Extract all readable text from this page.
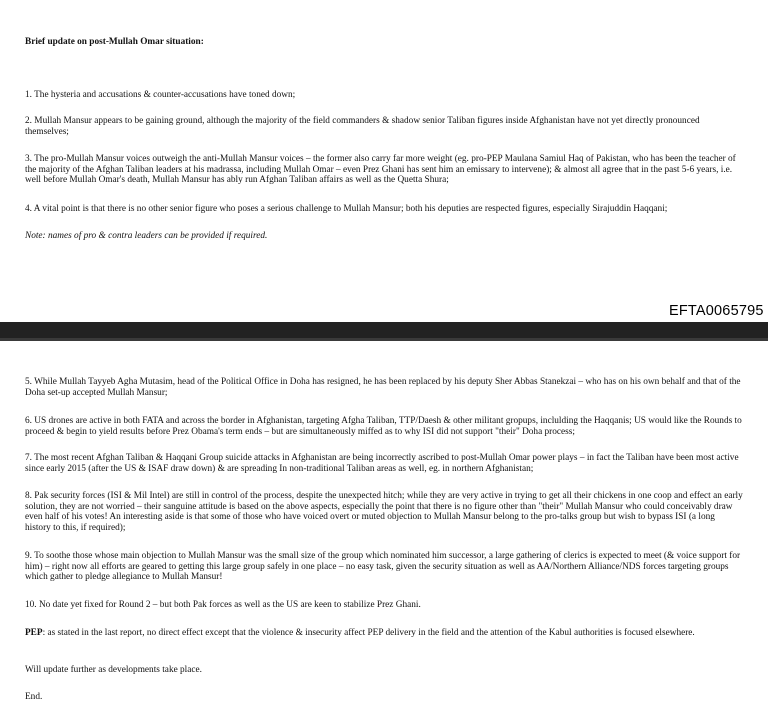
Brief update on post-Mullah Omar situation:

1. The hysteria and accusations & counter-accusations have toned down;

2. Mullah Mansur appears to be gaining ground, although the majority of the field commanders & shadow senior Taliban figures inside Afghanistan have not yet directly pronounced themselves;

3. The pro-Mullah Mansur voices outweigh the anti-Mullah Mansur voices – the former also carry far more weight (eg. pro-PEP Maulana Samiul Haq of Pakistan, who has been the teacher of the majority of the Afghan Taliban leaders at his madrassa, including Mullah Omar – even Prez Ghani has sent him an emissary to intervene); & almost all agree that in the past 5-6 years, i.e. well before Mullah Omar's death, Mullah Mansur has ably run Afghan Taliban affairs as well as the Quetta Shura;

4. A vital point is that there is no other senior figure who poses a serious challenge to Mullah Mansur; both his deputies are respected figures, especially Sirajuddin Haqqani;

Note: names of pro & contra leaders can be provided if required.

EFTA0065795

5. While Mullah Tayyeb Agha Mutasim, head of the Political Office in Doha has resigned, he has been replaced by his deputy Sher Abbas Stanekzai – who has on his own behalf and that of the Doha set-up accepted Mullah Mansur;

6. US drones are active in both FATA and across the border in Afghanistan, targeting Afgha Taliban, TTP/Daesh & other militant gropups, inclulding the Haqqanis; US would like the Rounds to proceed & begin to yield results before Prez Obama's term ends – but are simultaneously miffed as to why ISI did not support "their" Doha process;

7. The most recent Afghan Taliban & Haqqani Group suicide attacks in Afghanistan are being incorrectly ascribed to post-Mullah Omar power plays – in fact the Taliban have been most active since early 2015 (after the US & ISAF draw down) & are spreading In non-traditional Taliban areas as well, eg. in northern Afghanistan;

8. Pak security forces (ISI & Mil Intel) are still in control of the process, despite the unexpected hitch; while they are very active in trying to get all their chickens in one coop and effect an early solution, they are not worried – their sanguine attitude is based on the above aspects, especially the point that there is no figure other than "their" Mullah Mansur who could conceivably draw even half of his votes! An interesting aside is that some of those who have voiced overt or muted objection to Mullah Mansur belong to the pro-talks group but wish to bypass ISI (a long history to this, if required);

9. To soothe those whose main objection to Mullah Mansur was the small size of the group which nominated him successor, a large gathering of clerics is expected to meet (& voice support for him) – right now all efforts are geared to getting this large group safely in one place – no easy task, given the security situation as well as AA/Northern Alliance/NDS forces targeting groups which gather to pledge allegiance to Mullah Mansur!

10. No date yet fixed for Round 2 – but both Pak forces as well as the US are keen to stabilize Prez Ghani.

PEP: as stated in the last report, no direct effect except that the violence & insecurity affect PEP delivery in the field and the attention of the Kabul authorities is focused elsewhere.

Will update further as developments take place.

End.
